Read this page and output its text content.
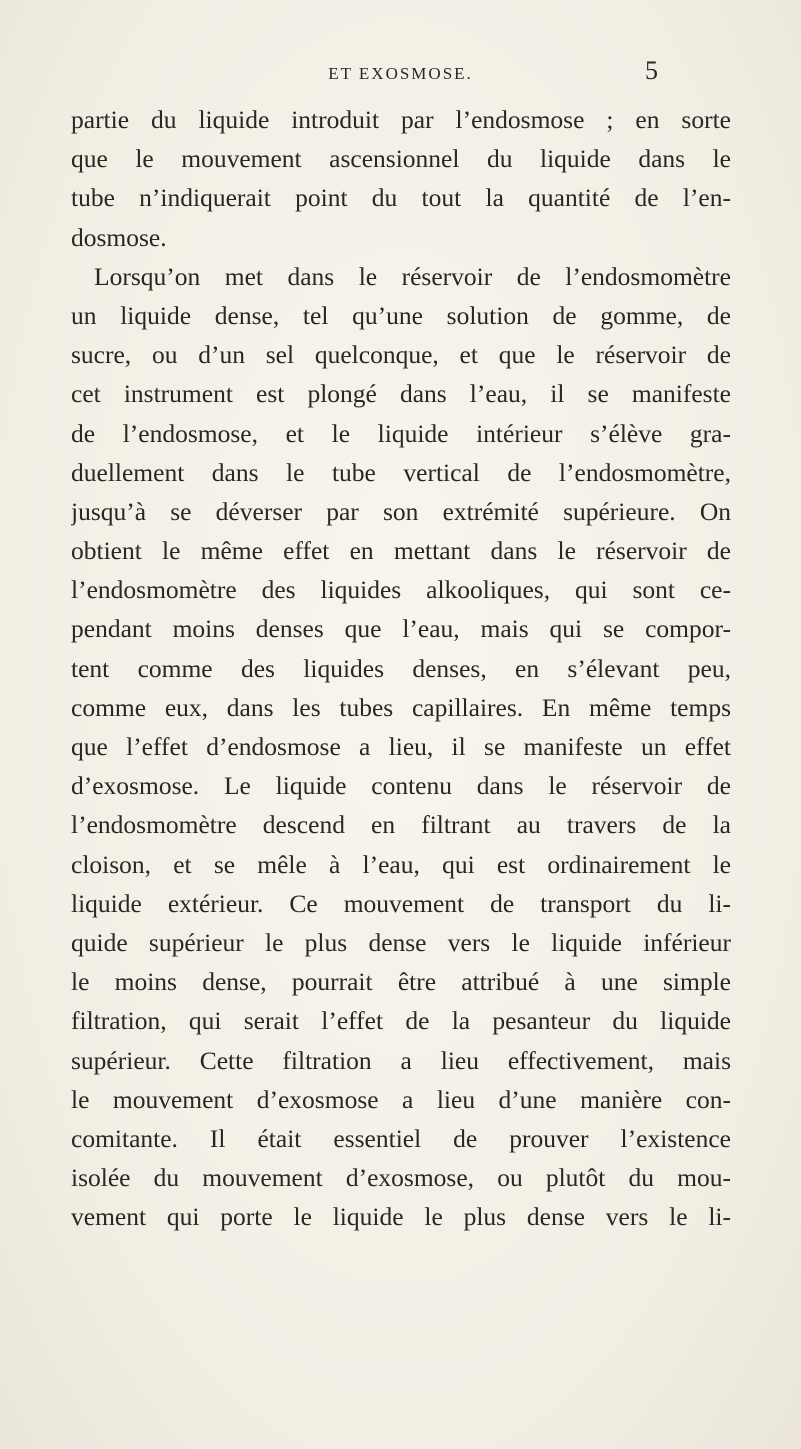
ET EXOSMOSE.	5
partie du liquide introduit par l’endosmose ; en sorte
que le mouvement ascensionnel du liquide dans le
tube n’indiquerait point du tout la quantité de l’en-
dosmose.
Lorsqu’on met dans le réservoir de l’endosmomètre
un liquide dense, tel qu’une solution de gomme, de
sucre, ou d’un sel quelconque, et que le réservoir de
cet instrument est plongé dans l’eau, il se manifeste
de l’endosmose, et le liquide intérieur s’élève gra-
duellement dans le tube vertical de l’endosmomètre,
jusqu’à se déverser par son extrémité supérieure. On
obtient le même effet en mettant dans le réservoir de
l’endosmomètre des liquides alkooliques, qui sont ce-
pendant moins denses que l’eau, mais qui se compor-
tent comme des liquides denses, en s’élevant peu,
comme eux, dans les tubes capillaires. En même temps
que l’effet d’endosmose a lieu, il se manifeste un effet
d’exosmose. Le liquide contenu dans le réservoir de
l’endosmomètre descend en filtrant au travers de la
cloison, et se mêle à l’eau, qui est ordinairement le
liquide extérieur. Ce mouvement de transport du li-
quide supérieur le plus dense vers le liquide inférieur
le moins dense, pourrait être attribué à une simple
filtration, qui serait l’effet de la pesanteur du liquide
supérieur. Cette filtration a lieu effectivement, mais
le mouvement d’exosmose a lieu d’une manière con-
comitante. Il était essentiel de prouver l’existence
isolée du mouvement d’exosmose, ou plutôt du mou-
vement qui porte le liquide le plus dense vers le li-
